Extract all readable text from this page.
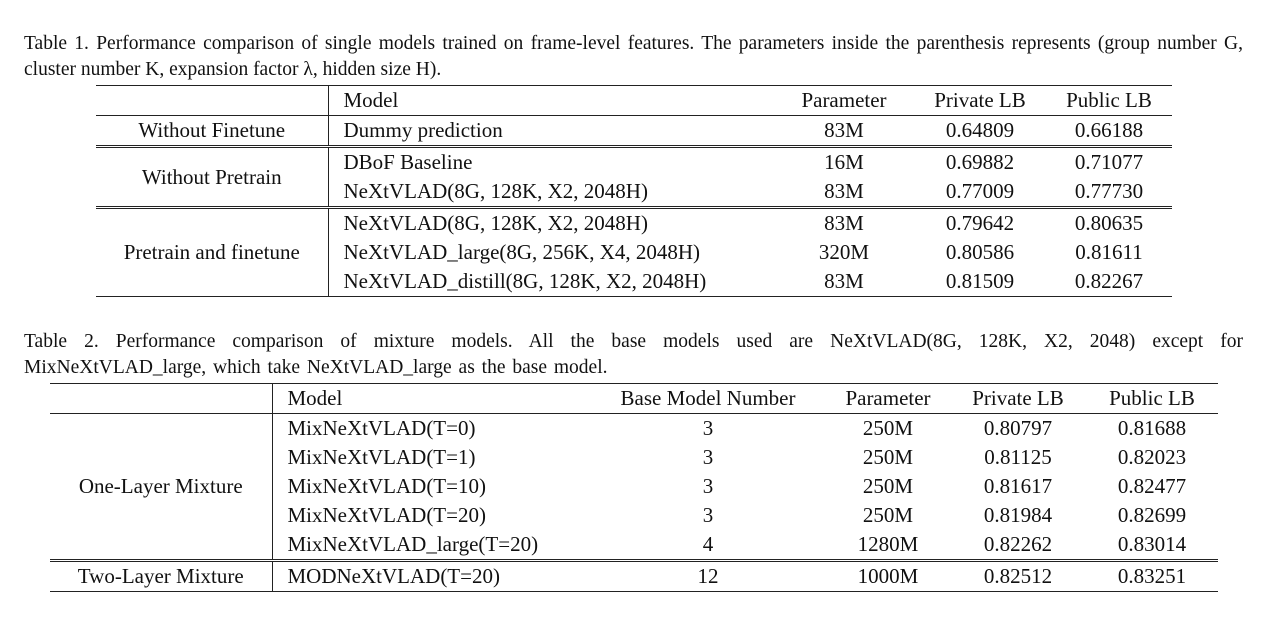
Table 1. Performance comparison of single models trained on frame-level features. The parameters inside the parenthesis represents (group number G, cluster number K, expansion factor λ, hidden size H).
	Model	Parameter	Private LB	Public LB
Without Finetune	Dummy prediction	83M	0.64809	0.66188
Without Pretrain	DBoF Baseline	16M	0.69882	0.71077
	NeXtVLAD(8G, 128K, X2, 2048H)	83M	0.77009	0.77730
Pretrain and finetune	NeXtVLAD(8G, 128K, X2, 2048H)	83M	0.79642	0.80635
	NeXtVLAD_large(8G, 256K, X4, 2048H)	320M	0.80586	0.81611
	NeXtVLAD_distill(8G, 128K, X2, 2048H)	83M	0.81509	0.82267
Table 2. Performance comparison of mixture models. All the base models used are NeXtVLAD(8G, 128K, X2, 2048) except for MixNeXtVLAD_large, which take NeXtVLAD_large as the base model.
	Model	Base Model Number	Parameter	Private LB	Public LB
One-Layer Mixture	MixNeXtVLAD(T=0)	3	250M	0.80797	0.81688
	MixNeXtVLAD(T=1)	3	250M	0.81125	0.82023
	MixNeXtVLAD(T=10)	3	250M	0.81617	0.82477
	MixNeXtVLAD(T=20)	3	250M	0.81984	0.82699
	MixNeXtVLAD_large(T=20)	4	1280M	0.82262	0.83014
Two-Layer Mixture	MODNeXtVLAD(T=20)	12	1000M	0.82512	0.83251
